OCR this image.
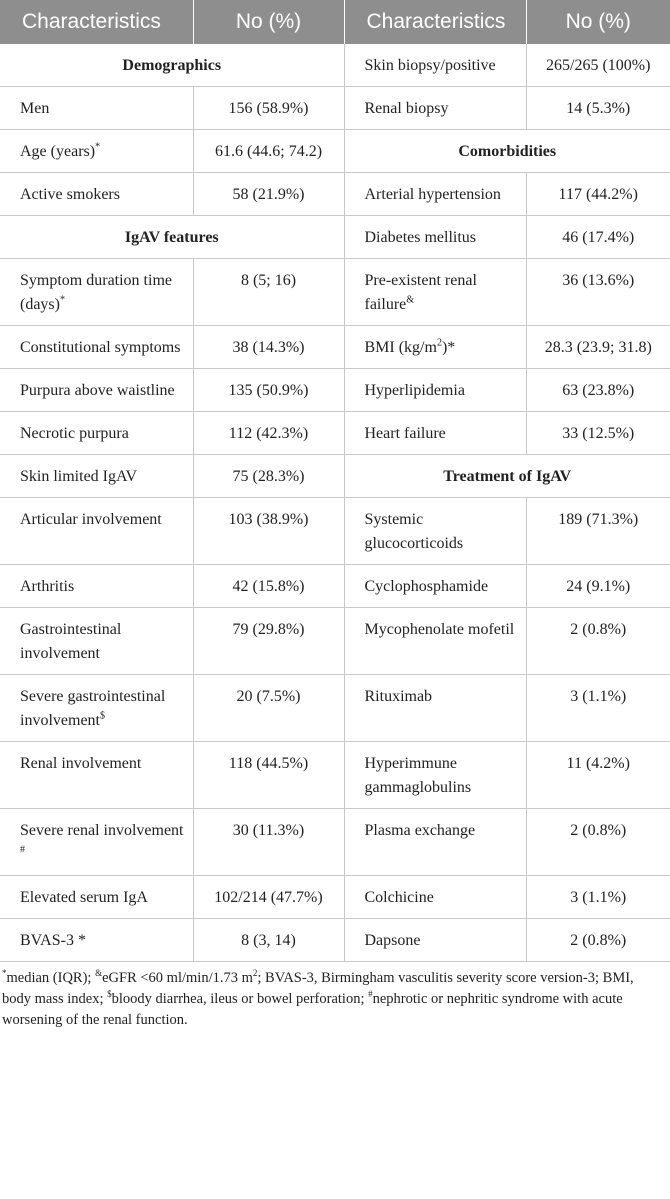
Characteristics	No (%)	Characteristics	No (%)
Demographics		Skin biopsy/positive	265/265 (100%)
Men	156 (58.9%)	Renal biopsy	14 (5.3%)
Age (years)*	61.6 (44.6; 74.2)	Comorbidities	
Active smokers	58 (21.9%)	Arterial hypertension	117 (44.2%)
IgAV features		Diabetes mellitus	46 (17.4%)
Symptom duration time (days)*	8 (5; 16)	Pre-existent renal failure&	36 (13.6%)
Constitutional symptoms	38 (14.3%)	BMI $(kg/m^2)*$	28.3 (23.9; 31.8)
Purpura above waistline	135 (50.9%)	Hyperlipidemia	63 (23.8%)
Necrotic purpura	112 (42.3%)	Heart failure	33 (12.5%)
Skin limited IgAV	75 (28.3%)	Treatment of IgAV	
Articular involvement	103 (38.9%)	Systemic glucocorticoids	189 (71.3%)
Arthritis	42 (15.8%)	Cyclophosphamide	24 (9.1%)
Gastrointestinal involvement	79 (29.8%)	Mycophenolate mofetil	2 (0.8%)
Severe gastrointestinal involvement$	20 (7.5%)	Rituximab	3 (1.1%)
Renal involvement	118 (44.5%)	Hyperimmune gammaglobulins	11 (4.2%)
Severe renal involvement #	30 (11.3%)	Plasma exchange	2 (0.8%)
Elevated serum IgA	102/214 (47.7%)	Colchicine	3 (1.1%)
BVAS-3 *	8 (3, 14)	Dapsone	2 (0.8%)
*median (IQR); &eGFR <60 ml/min/1.73 $m^2$; BVAS-3, Birmingham vasculitis severity score version-3; BMI, body mass index; $bloody diarrhea, ileus or bowel perforation; #nephrotic or nephritic syndrome with acute worsening of the renal function.
